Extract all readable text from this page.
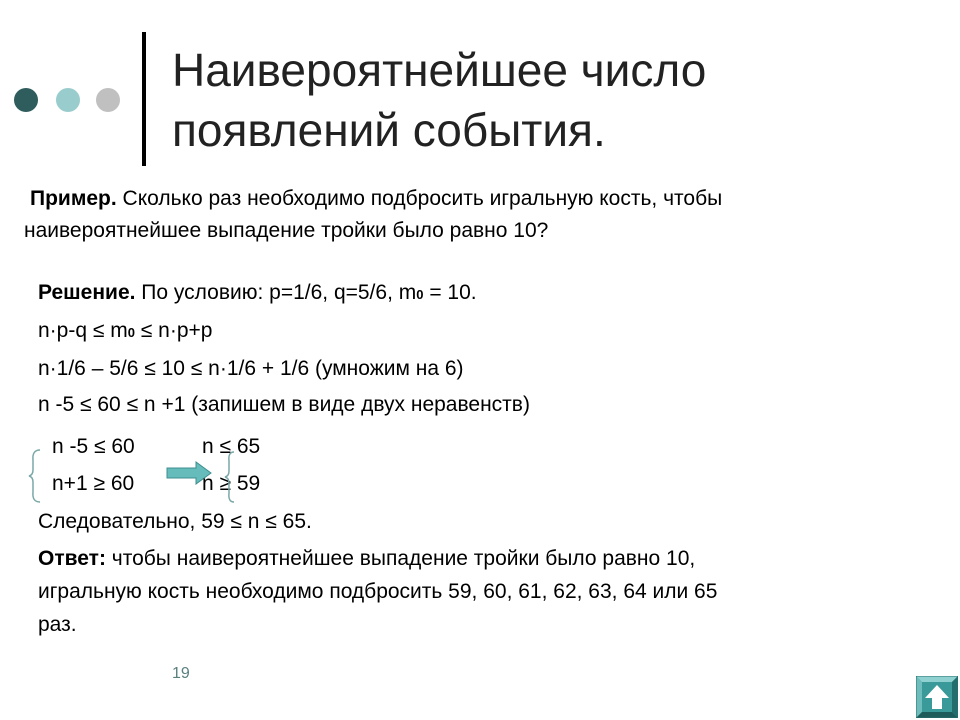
Наивероятнейшее число
появлений события.
Пример. Сколько раз необходимо подбросить игральную кость, чтобы
наивероятнейшее выпадение тройки было равно 10?
Решение. По условию: p=1/6, q=5/6, m0 = 10.
n·p-q ≤ m0 ≤ n·p+p
n·1/6 – 5/6 ≤ 10 ≤ n·1/6 + 1/6 (умножим на 6)
n -5 ≤ 60 ≤ n +1 (запишем в виде двух неравенств)
n -5 ≤ 60
n+1 ≥ 60
n ≤ 65
n ≥ 59
Следовательно, 59 ≤ n ≤ 65.
Ответ: чтобы наивероятнейшее выпадение тройки было равно 10,
игральную кость необходимо подбросить 59, 60, 61, 62, 63, 64 или 65
раз.
19
